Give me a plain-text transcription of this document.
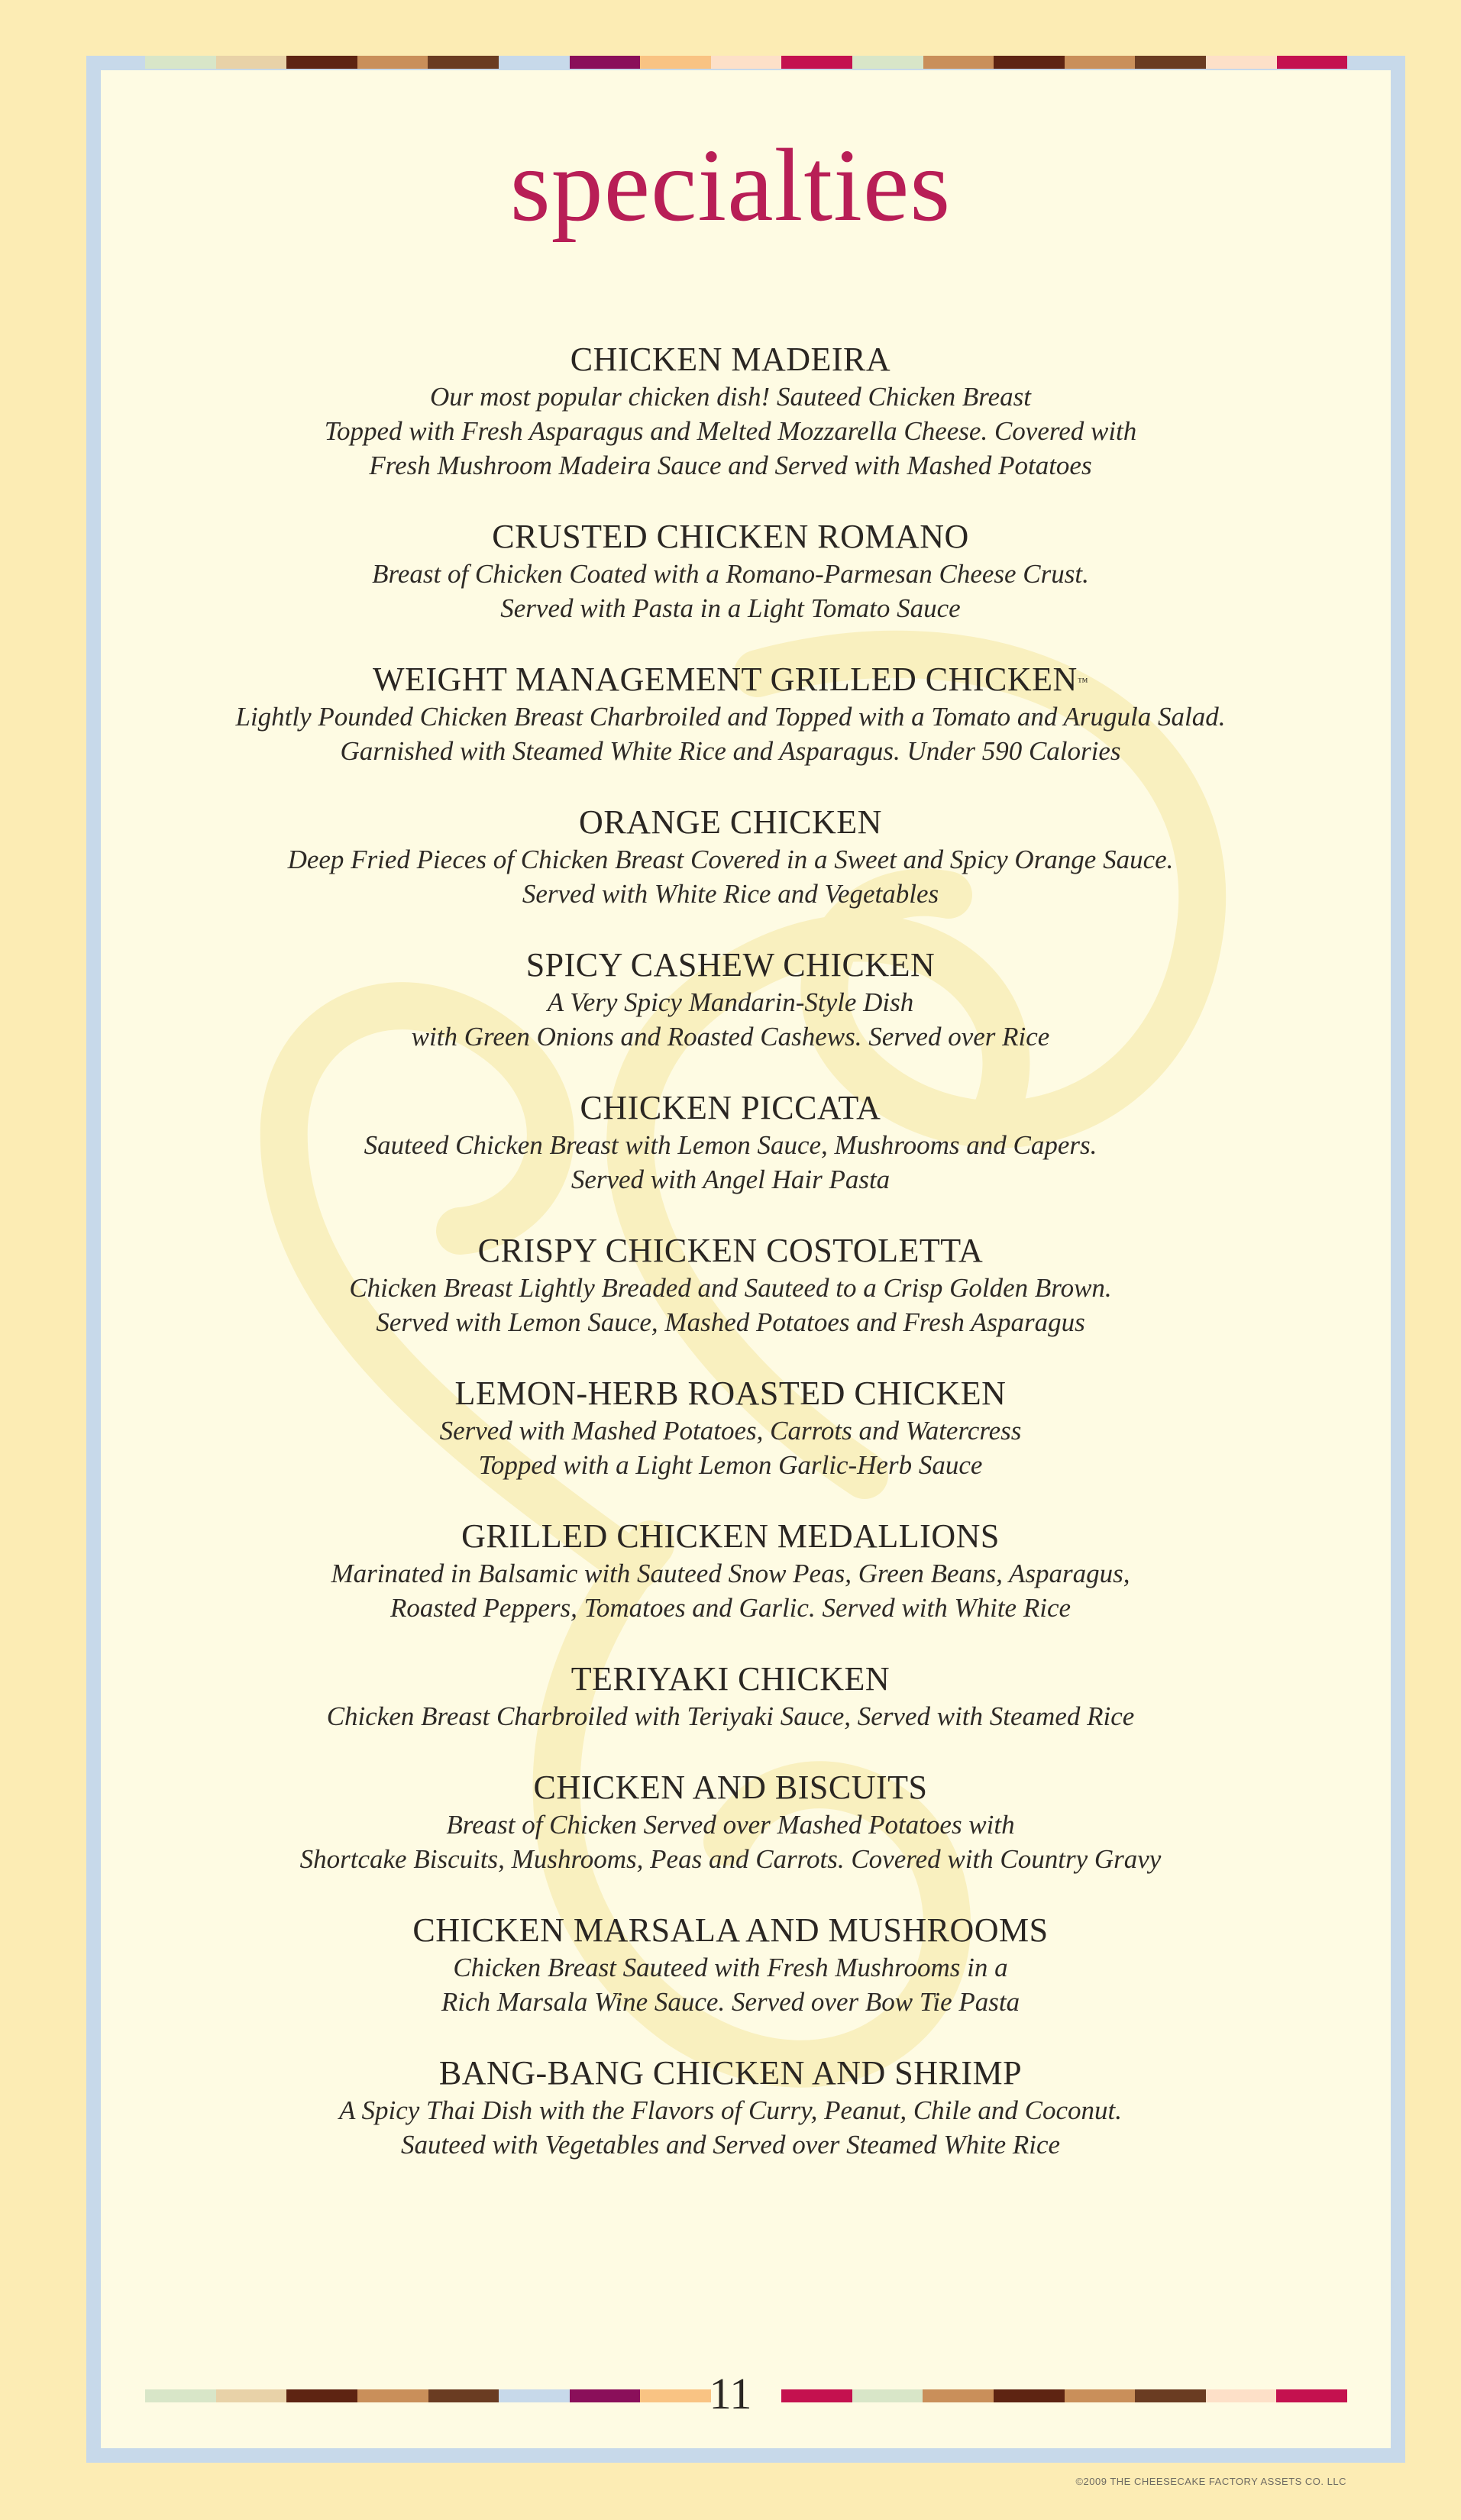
specialties
CHICKEN MADEIRA
Our most popular chicken dish! Sauteed Chicken Breast
Topped with Fresh Asparagus and Melted Mozzarella Cheese. Covered with
Fresh Mushroom Madeira Sauce and Served with Mashed Potatoes
CRUSTED CHICKEN ROMANO
Breast of Chicken Coated with a Romano-Parmesan Cheese Crust.
Served with Pasta in a Light Tomato Sauce
WEIGHT MANAGEMENT GRILLED CHICKEN™
Lightly Pounded Chicken Breast Charbroiled and Topped with a Tomato and Arugula Salad.
Garnished with Steamed White Rice and Asparagus. Under 590 Calories
ORANGE CHICKEN
Deep Fried Pieces of Chicken Breast Covered in a Sweet and Spicy Orange Sauce.
Served with White Rice and Vegetables
SPICY CASHEW CHICKEN
A Very Spicy Mandarin-Style Dish
with Green Onions and Roasted Cashews. Served over Rice
CHICKEN PICCATA
Sauteed Chicken Breast with Lemon Sauce, Mushrooms and Capers.
Served with Angel Hair Pasta
CRISPY CHICKEN COSTOLETTA
Chicken Breast Lightly Breaded and Sauteed to a Crisp Golden Brown.
Served with Lemon Sauce, Mashed Potatoes and Fresh Asparagus
LEMON-HERB ROASTED CHICKEN
Served with Mashed Potatoes, Carrots and Watercress
Topped with a Light Lemon Garlic-Herb Sauce
GRILLED CHICKEN MEDALLIONS
Marinated in Balsamic with Sauteed Snow Peas, Green Beans, Asparagus,
Roasted Peppers, Tomatoes and Garlic. Served with White Rice
TERIYAKI CHICKEN
Chicken Breast Charbroiled with Teriyaki Sauce, Served with Steamed Rice
CHICKEN AND BISCUITS
Breast of Chicken Served over Mashed Potatoes with
Shortcake Biscuits, Mushrooms, Peas and Carrots. Covered with Country Gravy
CHICKEN MARSALA AND MUSHROOMS
Chicken Breast Sauteed with Fresh Mushrooms in a
Rich Marsala Wine Sauce. Served over Bow Tie Pasta
BANG-BANG CHICKEN AND SHRIMP
A Spicy Thai Dish with the Flavors of Curry, Peanut, Chile and Coconut.
Sauteed with Vegetables and Served over Steamed White Rice
11
©2009 THE CHEESECAKE FACTORY ASSETS CO. LLC
